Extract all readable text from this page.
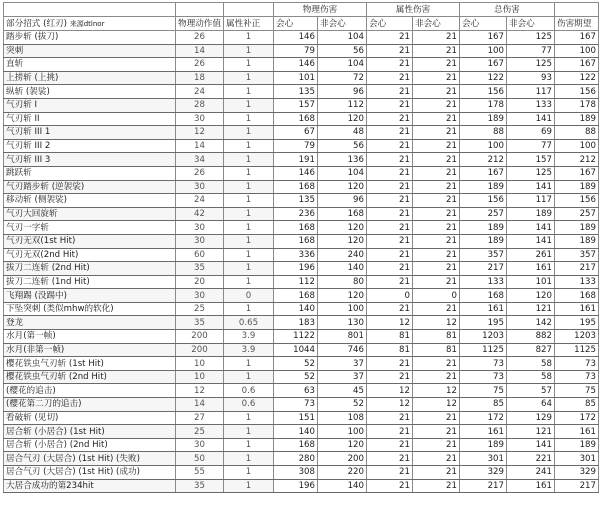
			物理伤害		属性伤害		总伤害		
部分招式 (红刃) 来源dtlnor	物理动作值	属性补正	会心	非会心	会心	非会心	会心	非会心	伤害期望
踏步斩 (拔刀)	26	1	146	104	21	21	167	125	167
突刺	14	1	79	56	21	21	100	77	100
直斩	26	1	146	104	21	21	167	125	167
上捞斩 (上挑)	18	1	101	72	21	21	122	93	122
纵斩 (袈裟)	24	1	135	96	21	21	156	117	156
气刃斩 I	28	1	157	112	21	21	178	133	178
气刃斩 II	30	1	168	120	21	21	189	141	189
气刃斩 III 1	12	1	67	48	21	21	88	69	88
气刃斩 III 2	14	1	79	56	21	21	100	77	100
气刃斩 III 3	34	1	191	136	21	21	212	157	212
跳跃斩	26	1	146	104	21	21	167	125	167
气刃踏步斩 (逆袈裟)	30	1	168	120	21	21	189	141	189
移动斩 (侧袈裟)	24	1	135	96	21	21	156	117	156
气刃大回旋斩	42	1	236	168	21	21	257	189	257
气刃一字斩	30	1	168	120	21	21	189	141	189
气刃无双(1st Hit)	30	1	168	120	21	21	189	141	189
气刃无双(2nd Hit)	60	1	336	240	21	21	357	261	357
拔刀二连斩 (2nd Hit)	35	1	196	140	21	21	217	161	217
拔刀二连斩 (1nd Hit)	20	1	112	80	21	21	133	101	133
飞翔踢 (没踢中)	30	0	168	120	0	0	168	120	168
下坠突刺 (类似mhw的软化)	25	1	140	100	21	21	161	121	161
登龙	35	0.65	183	130	12	12	195	142	195
水月(第一帧)	200	3.9	1122	801	81	81	1203	882	1203
水月(非第一帧)	200	3.9	1044	746	81	81	1125	827	1125
樱花铁虫气刃斩 (1st Hit)	10	1	52	37	21	21	73	58	73
樱花铁虫气刃斩 (2nd Hit)	10	1	52	37	21	21	73	58	73
(樱花的追击)	12	0.6	63	45	12	12	75	57	75
(樱花第二刀的追击)	14	0.6	73	52	12	12	85	64	85
看破斩 (见切)	27	1	151	108	21	21	172	129	172
居合斩 (小居合) (1st Hit)	25	1	140	100	21	21	161	121	161
居合斩 (小居合) (2nd Hit)	30	1	168	120	21	21	189	141	189
居合气刃 (大居合) (1st Hit) (失败)	50	1	280	200	21	21	301	221	301
居合气刃 (大居合) (1st Hit) (成功)	55	1	308	220	21	21	329	241	329
大居合成功的第234hit	35	1	196	140	21	21	217	161	217
